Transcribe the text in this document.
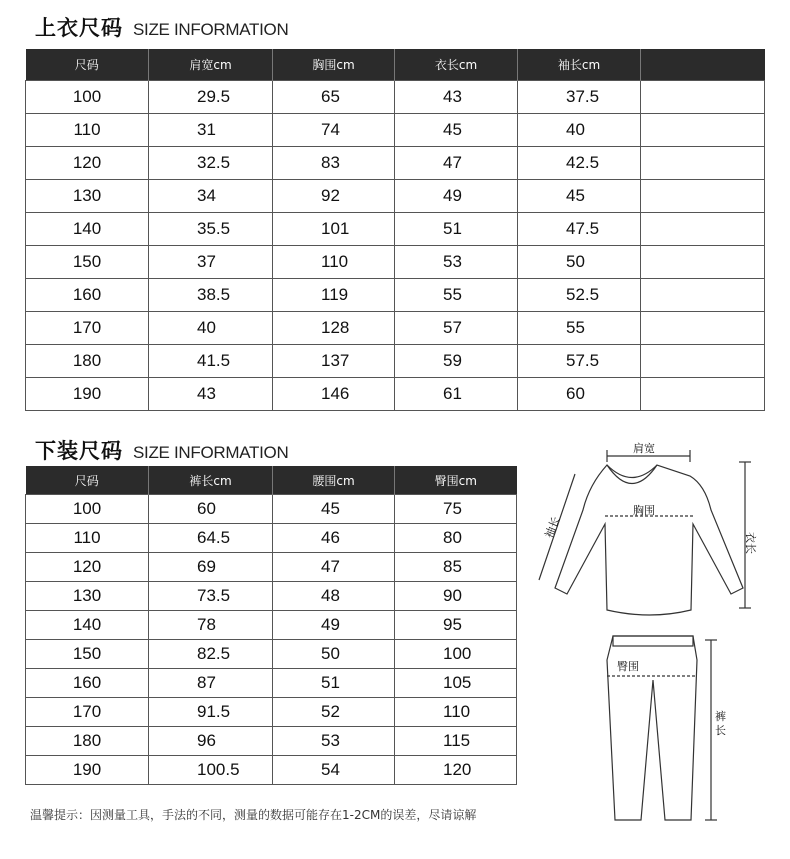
上衣尺码 SIZE INFORMATION
尺码	肩宽cm	胸围cm	衣长cm	袖长cm	
100	29.5	65	43	37.5	
110	31	74	45	40	
120	32.5	83	47	42.5	
130	34	92	49	45	
140	35.5	101	51	47.5	
150	37	110	53	50	
160	38.5	119	55	52.5	
170	40	128	57	55	
180	41.5	137	59	57.5	
190	43	146	61	60	
下装尺码 SIZE INFORMATION
尺码	裤长cm	腰围cm	臀围cm
100	60	45	75
110	64.5	46	80
120	69	47	85
130	73.5	48	90
140	78	49	95
150	82.5	50	100
160	87	51	105
170	91.5	52	110
180	96	53	115
190	100.5	54	120
肩宽
胸围
袖长
衣长
臀围
裤
长
温馨提示：因测量工具，手法的不同，测量的数据可能存在1-2CM的误差，尽请谅解
